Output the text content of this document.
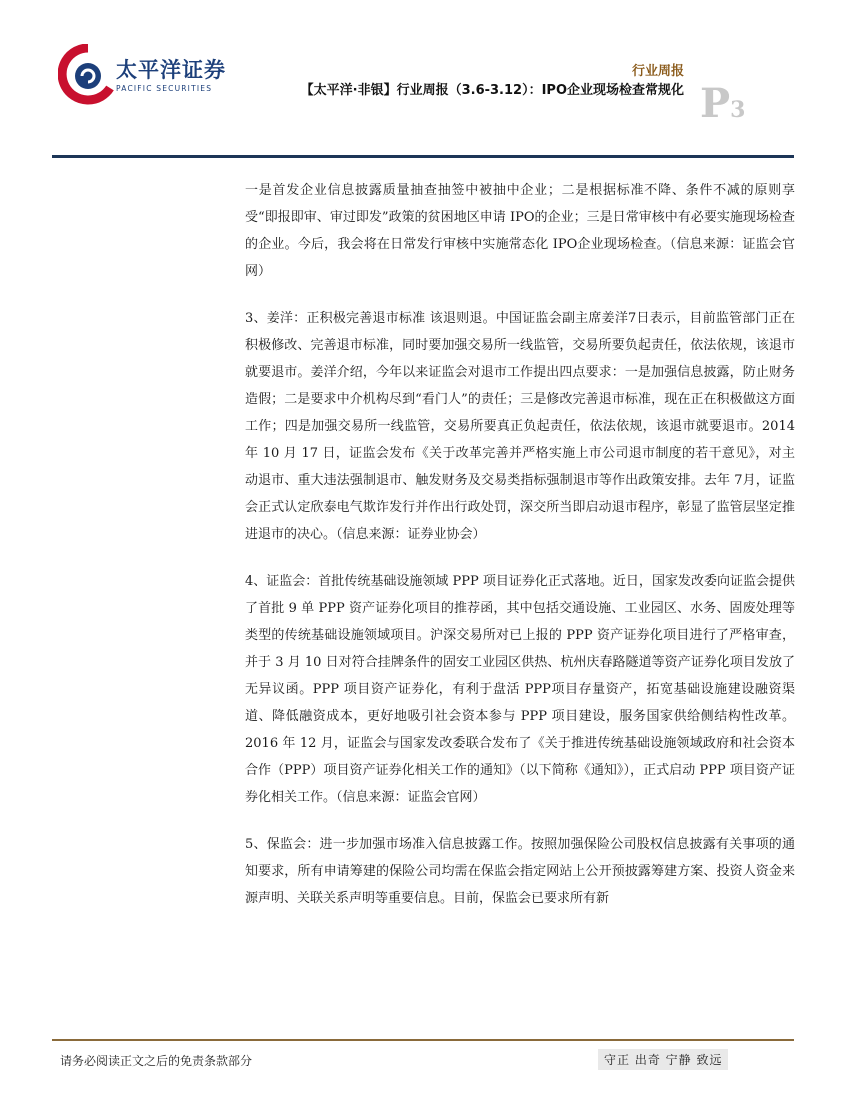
太平洋证券
PACIFIC SECURITIES
行业周报
【太平洋·非银】行业周报（3.6-3.12）：IPO企业现场检查常规化 P3

一是首发企业信息披露质量抽查抽签中被抽中企业；二是根据标准不降、条件不减的原则享受“即报即审、审过即发”政策的贫困地区申请 IPO的企业；三是日常审核中有必要实施现场检查的企业。今后，我会将在日常发行审核中实施常态化 IPO企业现场检查。（信息来源：证监会官网）

3、姜洋：正积极完善退市标准 该退则退。中国证监会副主席姜洋7日表示，目前监管部门正在积极修改、完善退市标准，同时要加强交易所一线监管，交易所要负起责任，依法依规，该退市就要退市。姜洋介绍，今年以来证监会对退市工作提出四点要求：一是加强信息披露，防止财务造假；二是要求中介机构尽到“看门人”的责任；三是修改完善退市标准，现在正在积极做这方面工作；四是加强交易所一线监管，交易所要真正负起责任，依法依规，该退市就要退市。2014 年 10 月 17 日，证监会发布《关于改革完善并严格实施上市公司退市制度的若干意见》，对主动退市、重大违法强制退市、触发财务及交易类指标强制退市等作出政策安排。去年 7月，证监会正式认定欣泰电气欺诈发行并作出行政处罚，深交所当即启动退市程序，彰显了监管层坚定推进退市的决心。（信息来源：证券业协会）

4、证监会：首批传统基础设施领域 PPP 项目证券化正式落地。近日，国家发改委向证监会提供了首批 9 单 PPP 资产证券化项目的推荐函，其中包括交通设施、工业园区、水务、固废处理等类型的传统基础设施领域项目。沪深交易所对已上报的 PPP 资产证券化项目进行了严格审查，并于 3 月 10 日对符合挂牌条件的固安工业园区供热、杭州庆春路隧道等资产证券化项目发放了无异议函。PPP 项目资产证券化，有利于盘活 PPP项目存量资产，拓宽基础设施建设融资渠道、降低融资成本，更好地吸引社会资本参与 PPP 项目建设，服务国家供给侧结构性改革。2016 年 12 月，证监会与国家发改委联合发布了《关于推进传统基础设施领域政府和社会资本合作（PPP）项目资产证券化相关工作的通知》（以下简称《通知》），正式启动 PPP 项目资产证券化相关工作。（信息来源：证监会官网）

5、保监会：进一步加强市场准入信息披露工作。按照加强保险公司股权信息披露有关事项的通知要求，所有申请筹建的保险公司均需在保监会指定网站上公开预披露筹建方案、投资人资金来源声明、关联关系声明等重要信息。目前，保监会已要求所有新

请务必阅读正文之后的免责条款部分	守正 出奇 宁静 致远
